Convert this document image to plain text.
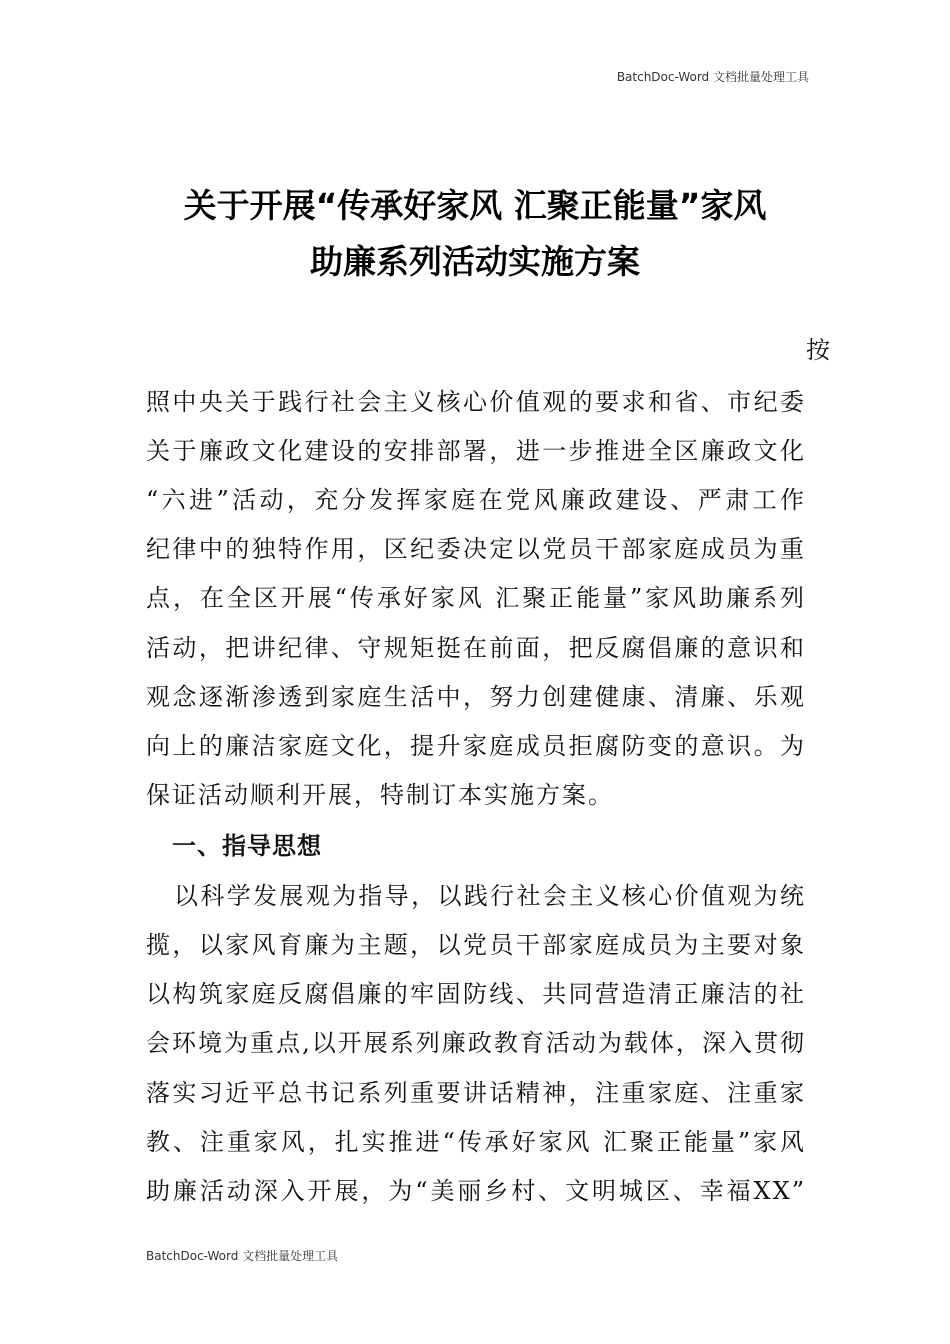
BatchDoc-Word 文档批量处理工具
关于开展“传承好家风 汇聚正能量”家风
助廉系列活动实施方案
按
照中央关于践行社会主义核心价值观的要求和省、市纪委
关于廉政文化建设的安排部署，进一步推进全区廉政文化
“六进”活动，充分发挥家庭在党风廉政建设、严肃工作
纪律中的独特作用，区纪委决定以党员干部家庭成员为重
点，在全区开展“传承好家风 汇聚正能量”家风助廉系列
活动，把讲纪律、守规矩挺在前面，把反腐倡廉的意识和
观念逐渐渗透到家庭生活中，努力创建健康、清廉、乐观
向上的廉洁家庭文化，提升家庭成员拒腐防变的意识。为
保证活动顺利开展，特制订本实施方案。
一、指导思想
以科学发展观为指导，以践行社会主义核心价值观为统
揽，以家风育廉为主题，以党员干部家庭成员为主要对象
以构筑家庭反腐倡廉的牢固防线、共同营造清正廉洁的社
会环境为重点,以开展系列廉政教育活动为载体，深入贯彻
落实习近平总书记系列重要讲话精神，注重家庭、注重家
教、注重家风，扎实推进“传承好家风 汇聚正能量”家风
助廉活动深入开展，为“美丽乡村、文明城区、幸福XX”
BatchDoc-Word 文档批量处理工具
